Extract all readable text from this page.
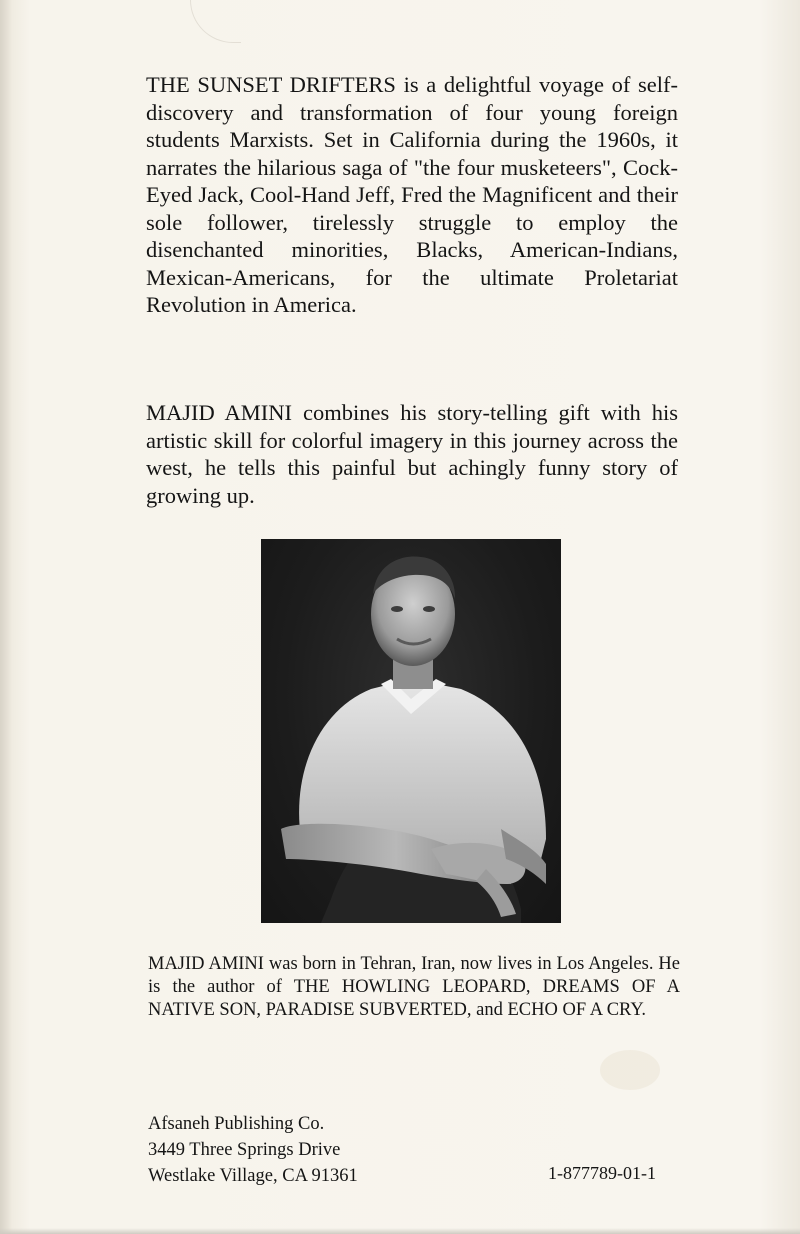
THE SUNSET DRIFTERS is a delightful voyage of self-discovery and transformation of four young foreign students Marxists. Set in California during the 1960s, it narrates the hilarious saga of "the four musketeers", Cock-Eyed Jack, Cool-Hand Jeff, Fred the Magnificent and their sole follower, tirelessly struggle to employ the disenchanted minorities, Blacks, American-Indians, Mexican-Americans, for the ultimate Proletariat Revolution in America.

MAJID AMINI combines his story-telling gift with his artistic skill for colorful imagery in this journey across the west, he tells this painful but achingly funny story of growing up.

MAJID AMINI was born in Tehran, Iran, now lives in Los Angeles. He is the author of THE HOWLING LEOPARD, DREAMS OF A NATIVE SON, PARADISE SUBVERTED, and ECHO OF A CRY.

Afsaneh Publishing Co.
3449 Three Springs Drive
Westlake Village, CA 91361	1-877789-01-1
